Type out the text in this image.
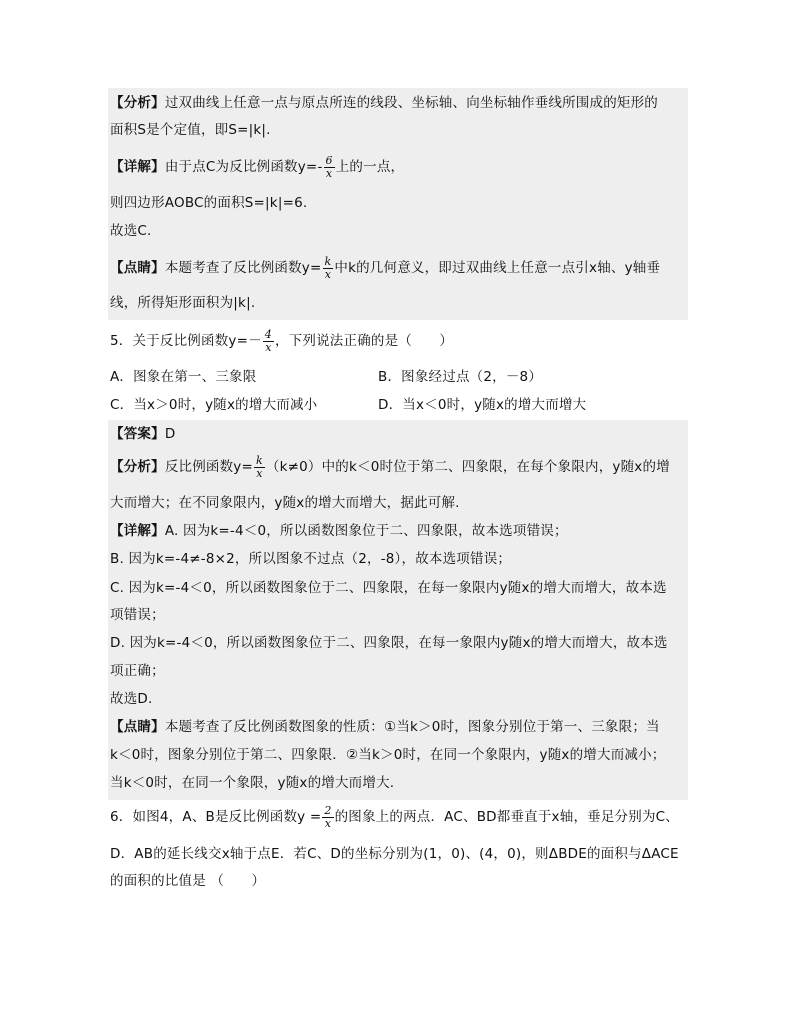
【分析】过双曲线上任意一点与原点所连的线段、坐标轴、向坐标轴作垂线所围成的矩形的
面积S是个定值，即S=|k|.
【详解】由于点C为反比例函数$y=- \frac{6}{x}$ 上的一点，
则四边形AOBC的面积S=|k|=6.
故选C.
【点睛】本题考查了反比例函数$y= \frac{k}{x}$ 中k的几何意义，即过双曲线上任意一点引x轴、y轴垂
线，所得矩形面积为|k|.
5．关于反比例函数$y=- \frac{4}{x}$ ，下列说法正确的是（　　）
A．图象在第一、三象限	B．图象经过点（2，－8）
C．当x＞0时，y随x的增大而减小	D．当x＜0时，y随x的增大而增大
【答案】D
【分析】反比例函数$y= \frac{k}{x} (k\ne 0)$中的k＜0时位于第二、四象限，在每个象限内，y随x的增
大而增大；在不同象限内，y随x的增大而增大，据此可解.
【详解】A. 因为k=-4＜0，所以函数图象位于二、四象限，故本选项错误；
B. 因为k=-4≠-8×2，所以图象不过点（2，-8），故本选项错误；
C. 因为k=-4＜0，所以函数图象位于二、四象限，在每一象限内y随x的增大而增大，故本选
项错误；
D. 因为k=-4＜0，所以函数图象位于二、四象限，在每一象限内y随x的增大而增大，故本选
项正确；
故选D.
【点睛】本题考查了反比例函数图象的性质：①当k＞0时，图象分别位于第一、三象限；当
k＜0时，图象分别位于第二、四象限．②当k＞0时，在同一个象限内，y随x的增大而减小；
当k＜0时，在同一个象限，y随x的增大而增大.
6．如图4，A、B是反比例函数$y = \frac{2}{x}$ 的图象上的两点．AC、BD都垂直于x轴，垂足分别为C、
D．AB的延长线交x轴于点E．若C、D的坐标分别为(1，0)、(4，0)，则ΔBDE的面积与ΔACE
的面积的比值是 （　　）
